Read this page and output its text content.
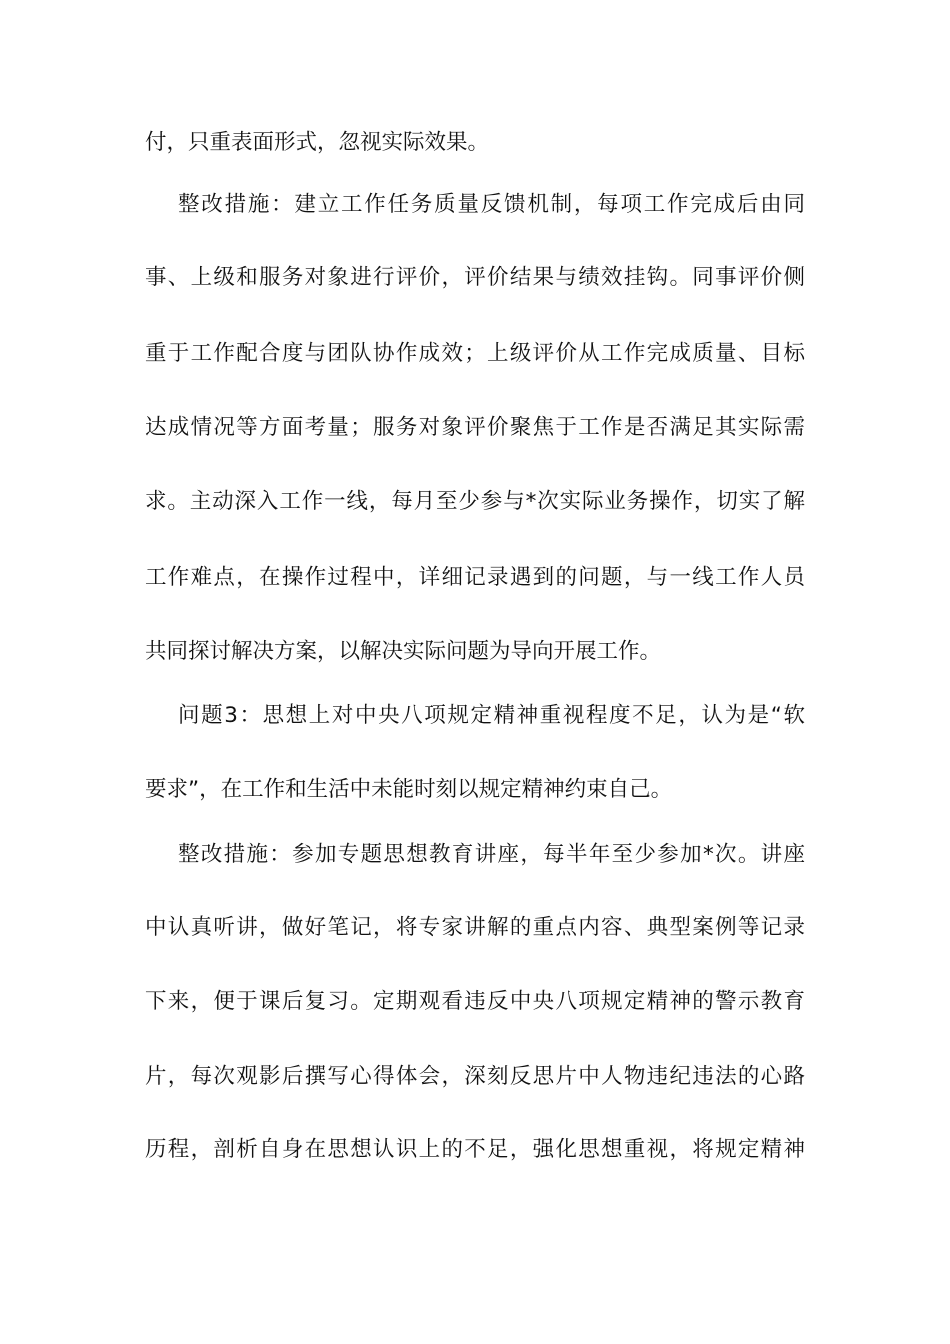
付，只重表面形式，忽视实际效果。
整改措施：建立工作任务质量反馈机制，每项工作完成后由同
事、上级和服务对象进行评价，评价结果与绩效挂钩。同事评价侧
重于工作配合度与团队协作成效；上级评价从工作完成质量、目标
达成情况等方面考量；服务对象评价聚焦于工作是否满足其实际需
求。主动深入工作一线，每月至少参与*次实际业务操作，切实了解
工作难点，在操作过程中，详细记录遇到的问题，与一线工作人员
共同探讨解决方案，以解决实际问题为导向开展工作。
问题3：思想上对中央八项规定精神重视程度不足，认为是“软
要求”，在工作和生活中未能时刻以规定精神约束自己。
整改措施：参加专题思想教育讲座，每半年至少参加*次。讲座
中认真听讲，做好笔记，将专家讲解的重点内容、典型案例等记录
下来，便于课后复习。定期观看违反中央八项规定精神的警示教育
片，每次观影后撰写心得体会，深刻反思片中人物违纪违法的心路
历程，剖析自身在思想认识上的不足，强化思想重视，将规定精神
